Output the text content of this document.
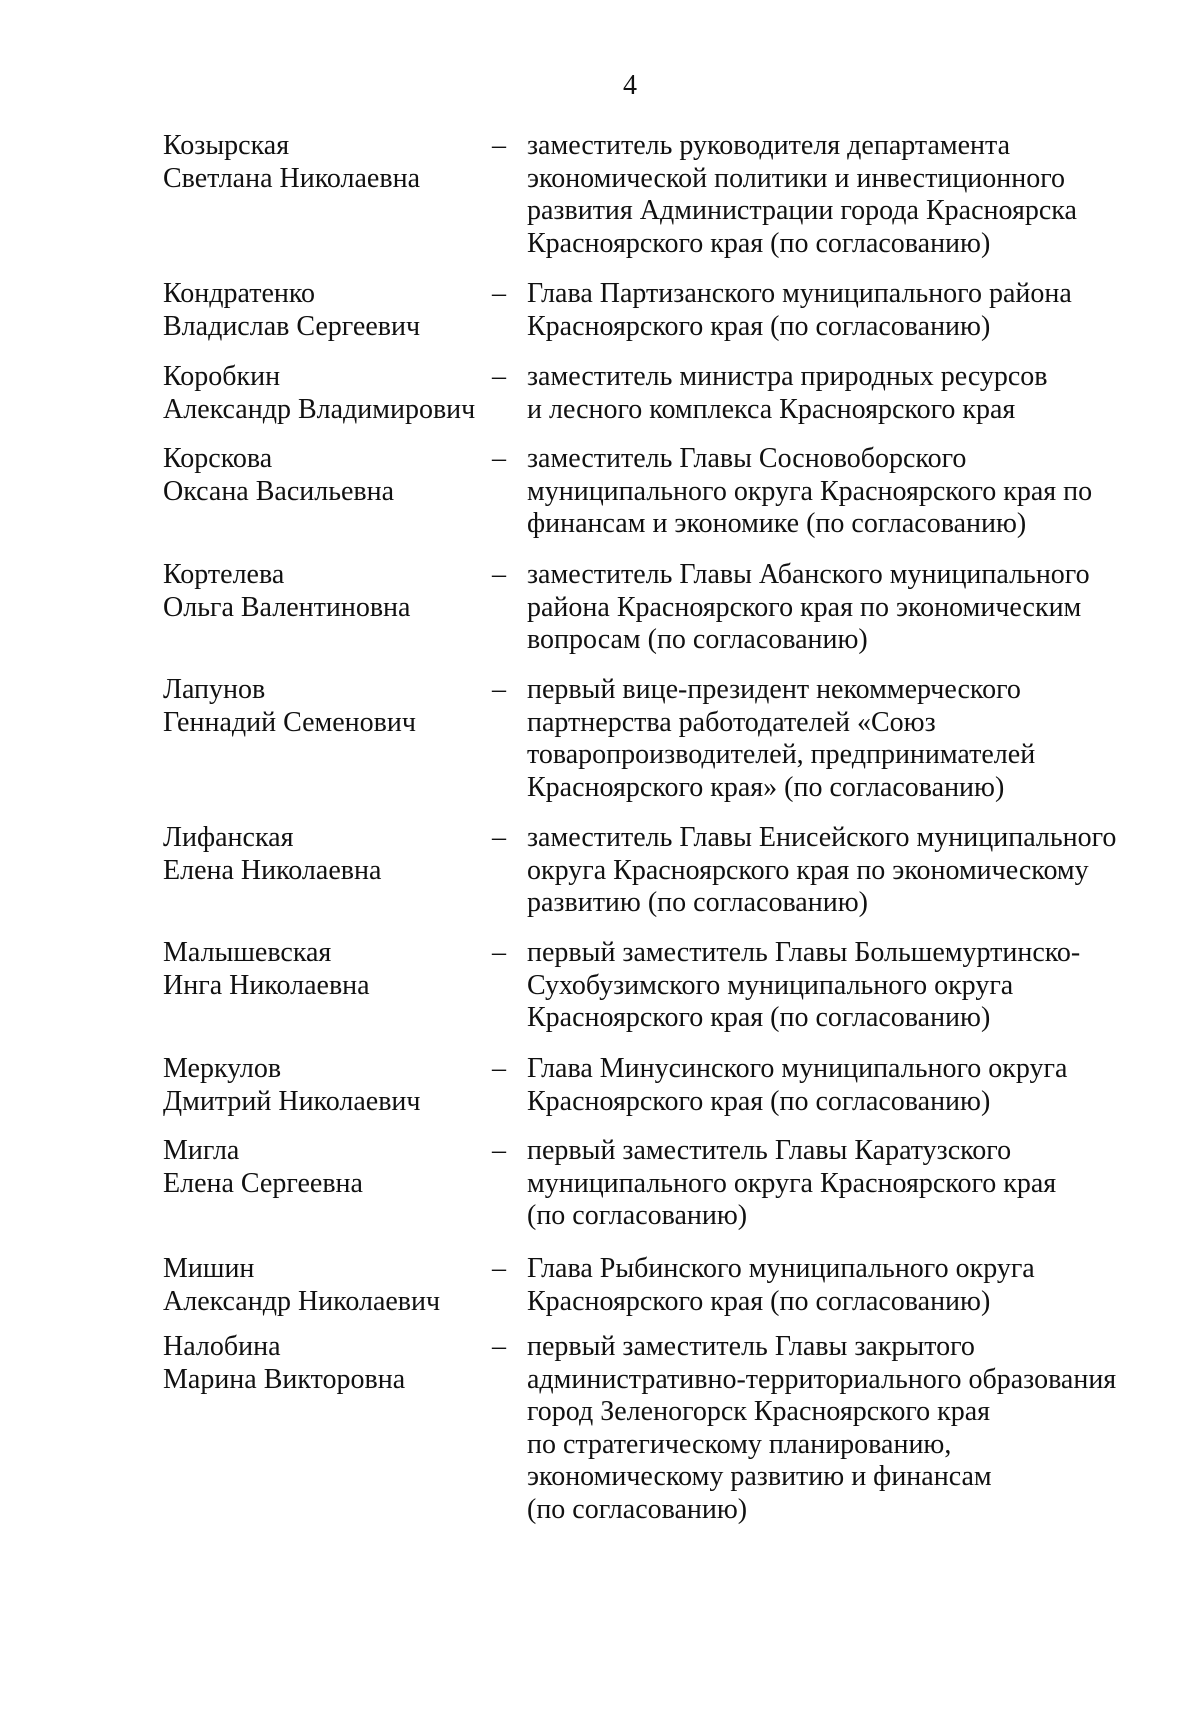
4
Козырская
Светлана Николаевна
– заместитель руководителя департамента
экономической политики и инвестиционного
развития Администрации города Красноярска
Красноярского края (по согласованию)
Кондратенко
Владислав Сергеевич
– Глава Партизанского муниципального района
Красноярского края (по согласованию)
Коробкин
Александр Владимирович
– заместитель министра природных ресурсов
и лесного комплекса Красноярского края
Корскова
Оксана Васильевна
– заместитель Главы Сосновоборского
муниципального округа Красноярского края по
финансам и экономике (по согласованию)
Кортелева
Ольга Валентиновна
– заместитель Главы Абанского муниципального
района Красноярского края по экономическим
вопросам (по согласованию)
Лапунов
Геннадий Семенович
– первый вице-президент некоммерческого
партнерства работодателей «Союз
товаропроизводителей, предпринимателей
Красноярского края» (по согласованию)
Лифанская
Елена Николаевна
– заместитель Главы Енисейского муниципального
округа Красноярского края по экономическому
развитию (по согласованию)
Малышевская
Инга Николаевна
– первый заместитель Главы Большемуртинско-
Сухобузимского муниципального округа
Красноярского края (по согласованию)
Меркулов
Дмитрий Николаевич
– Глава Минусинского муниципального округа
Красноярского края (по согласованию)
Мигла
Елена Сергеевна
– первый заместитель Главы Каратузского
муниципального округа Красноярского края
(по согласованию)
Мишин
Александр Николаевич
– Глава Рыбинского муниципального округа
Красноярского края (по согласованию)
Налобина
Марина Викторовна
– первый заместитель Главы закрытого
административно-территориального образования
город Зеленогорск Красноярского края
по стратегическому планированию,
экономическому развитию и финансам
(по согласованию)
